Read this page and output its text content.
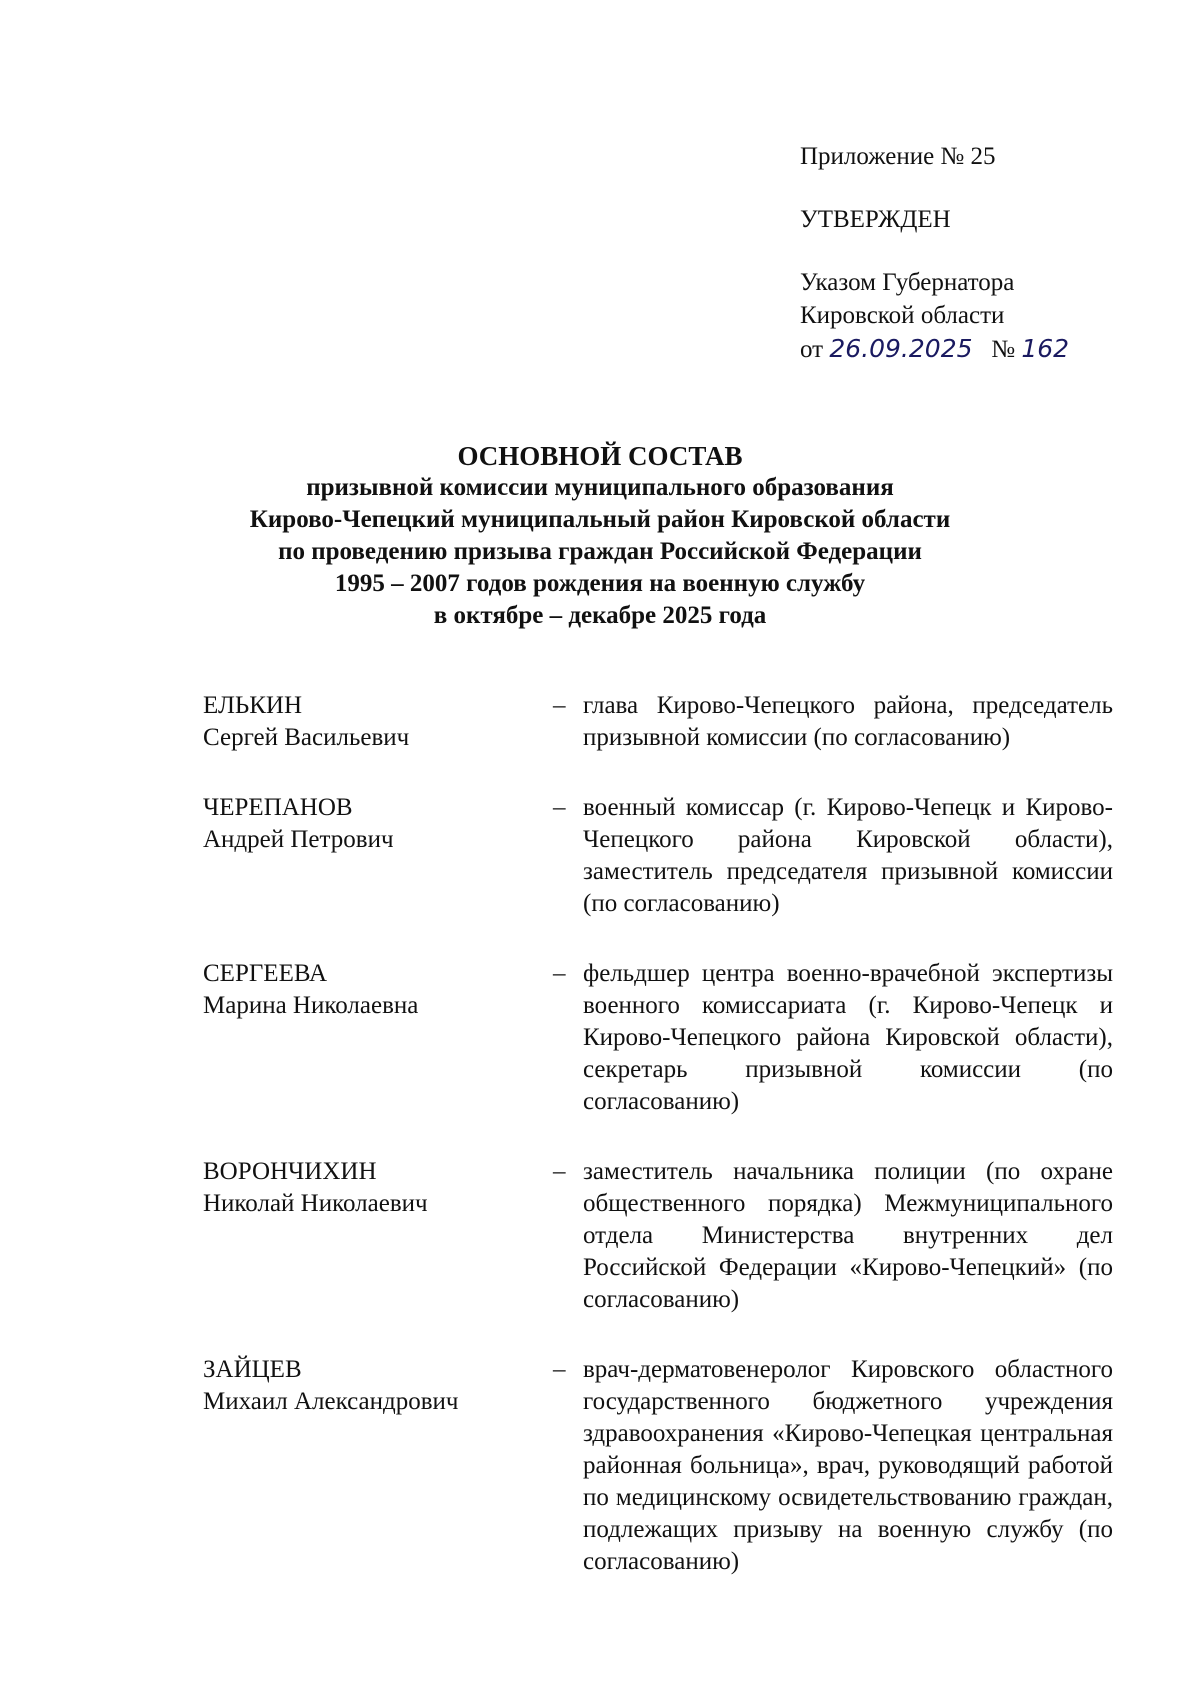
Приложение № 25
УТВЕРЖДЕН
Указом Губернатора
Кировской области
от 26.09.2025 № 162
ОСНОВНОЙ СОСТАВ
призывной комиссии муниципального образования
Кирово-Чепецкий муниципальный район Кировской области
по проведению призыва граждан Российской Федерации
1995 – 2007 годов рождения на военную службу
в октябре – декабре 2025 года
ЕЛЬКИН
Сергей Васильевич
– глава Кирово-Чепецкого района, председатель призывной комиссии (по согласованию)
ЧЕРЕПАНОВ
Андрей Петрович
– военный комиссар (г. Кирово-Чепецк и Кирово-Чепецкого района Кировской области), заместитель председателя призывной комиссии (по согласованию)
СЕРГЕЕВА
Марина Николаевна
– фельдшер центра военно-врачебной экспертизы военного комиссариата (г. Кирово-Чепецк и Кирово-Чепецкого района Кировской области), секретарь призывной комиссии (по согласованию)
ВОРОНЧИХИН
Николай Николаевич
– заместитель начальника полиции (по охране общественного порядка) Межмуниципального отдела Министерства внутренних дел Российской Федерации «Кирово-Чепецкий» (по согласованию)
ЗАЙЦЕВ
Михаил Александрович
– врач-дерматовенеролог Кировского областного государственного бюджетного учреждения здравоохранения «Кирово-Чепецкая центральная районная больница», врач, руководящий работой по медицинскому освидетельствованию граждан, подлежащих призыву на военную службу (по согласованию)
